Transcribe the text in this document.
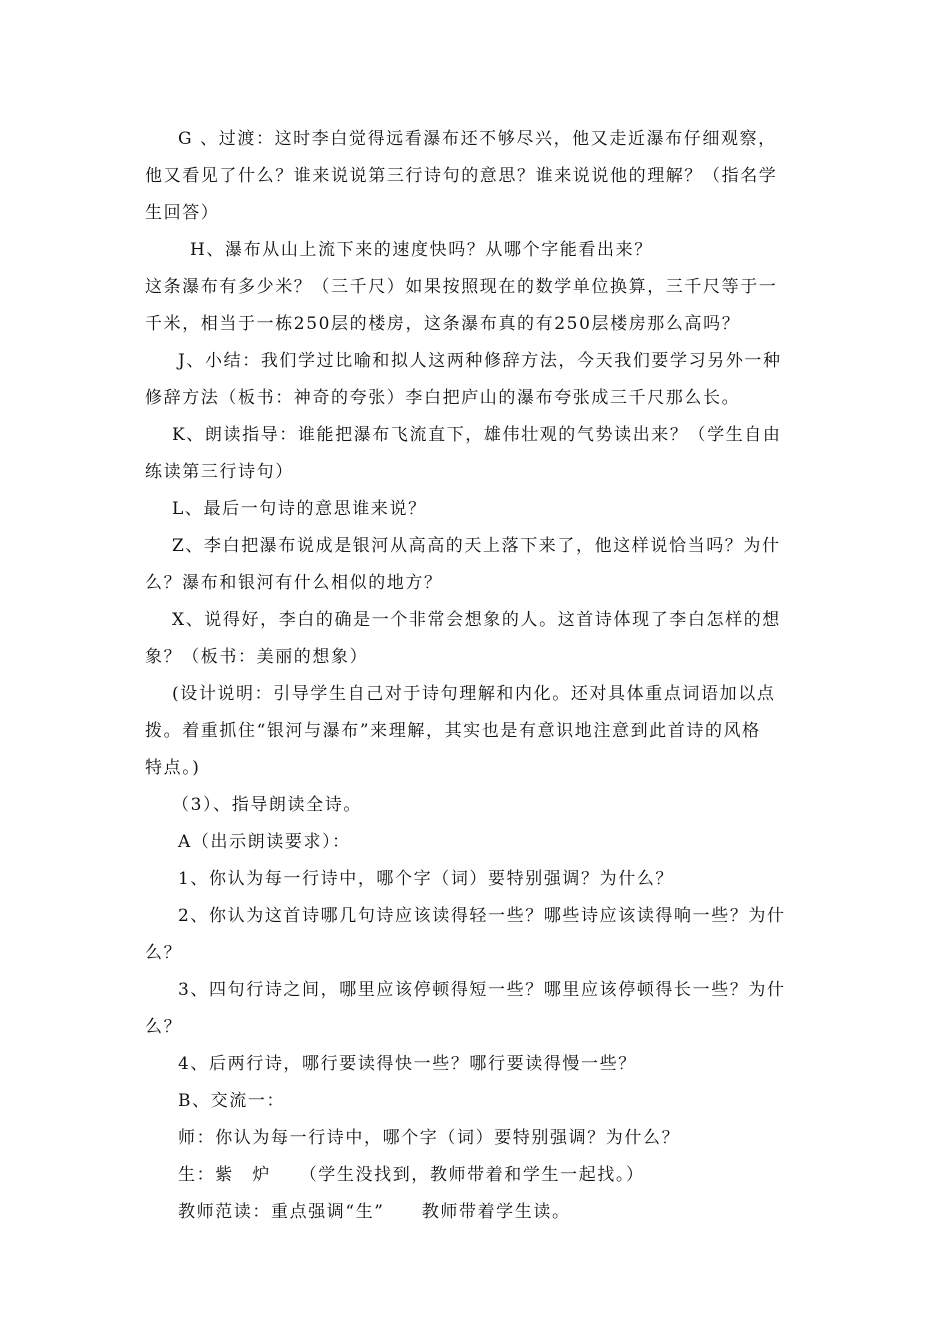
G 、过渡：这时李白觉得远看瀑布还不够尽兴，他又走近瀑布仔细观察，
他又看见了什么？谁来说说第三行诗句的意思？谁来说说他的理解？（指名学
生回答）
H、瀑布从山上流下来的速度快吗？从哪个字能看出来？
这条瀑布有多少米？（三千尺）如果按照现在的数学单位换算，三千尺等于一
千米，相当于一栋250层的楼房，这条瀑布真的有250层楼房那么高吗？
J、小结：我们学过比喻和拟人这两种修辞方法，今天我们要学习另外一种
修辞方法（板书：神奇的夸张）李白把庐山的瀑布夸张成三千尺那么长。
K、朗读指导：谁能把瀑布飞流直下，雄伟壮观的气势读出来？（学生自由
练读第三行诗句）
L、最后一句诗的意思谁来说？
Z、李白把瀑布说成是银河从高高的天上落下来了，他这样说恰当吗？为什
么？瀑布和银河有什么相似的地方？
X、说得好，李白的确是一个非常会想象的人。这首诗体现了李白怎样的想
象？（板书：美丽的想象）
(设计说明：引导学生自己对于诗句理解和内化。还对具体重点词语加以点
拨。着重抓住“银河与瀑布”来理解，其实也是有意识地注意到此首诗的风格
特点。)
（3）、指导朗读全诗。
A（出示朗读要求）：
1、你认为每一行诗中，哪个字（词）要特别强调？为什么？
2、你认为这首诗哪几句诗应该读得轻一些？哪些诗应该读得响一些？为什
么？
3、四句行诗之间，哪里应该停顿得短一些？哪里应该停顿得长一些？为什
么？
4、后两行诗，哪行要读得快一些？哪行要读得慢一些？
B、交流一：
师：你认为每一行诗中，哪个字（词）要特别强调？为什么？
生：紫　炉　　（学生没找到，教师带着和学生一起找。）
教师范读：重点强调“生”　　教师带着学生读。
